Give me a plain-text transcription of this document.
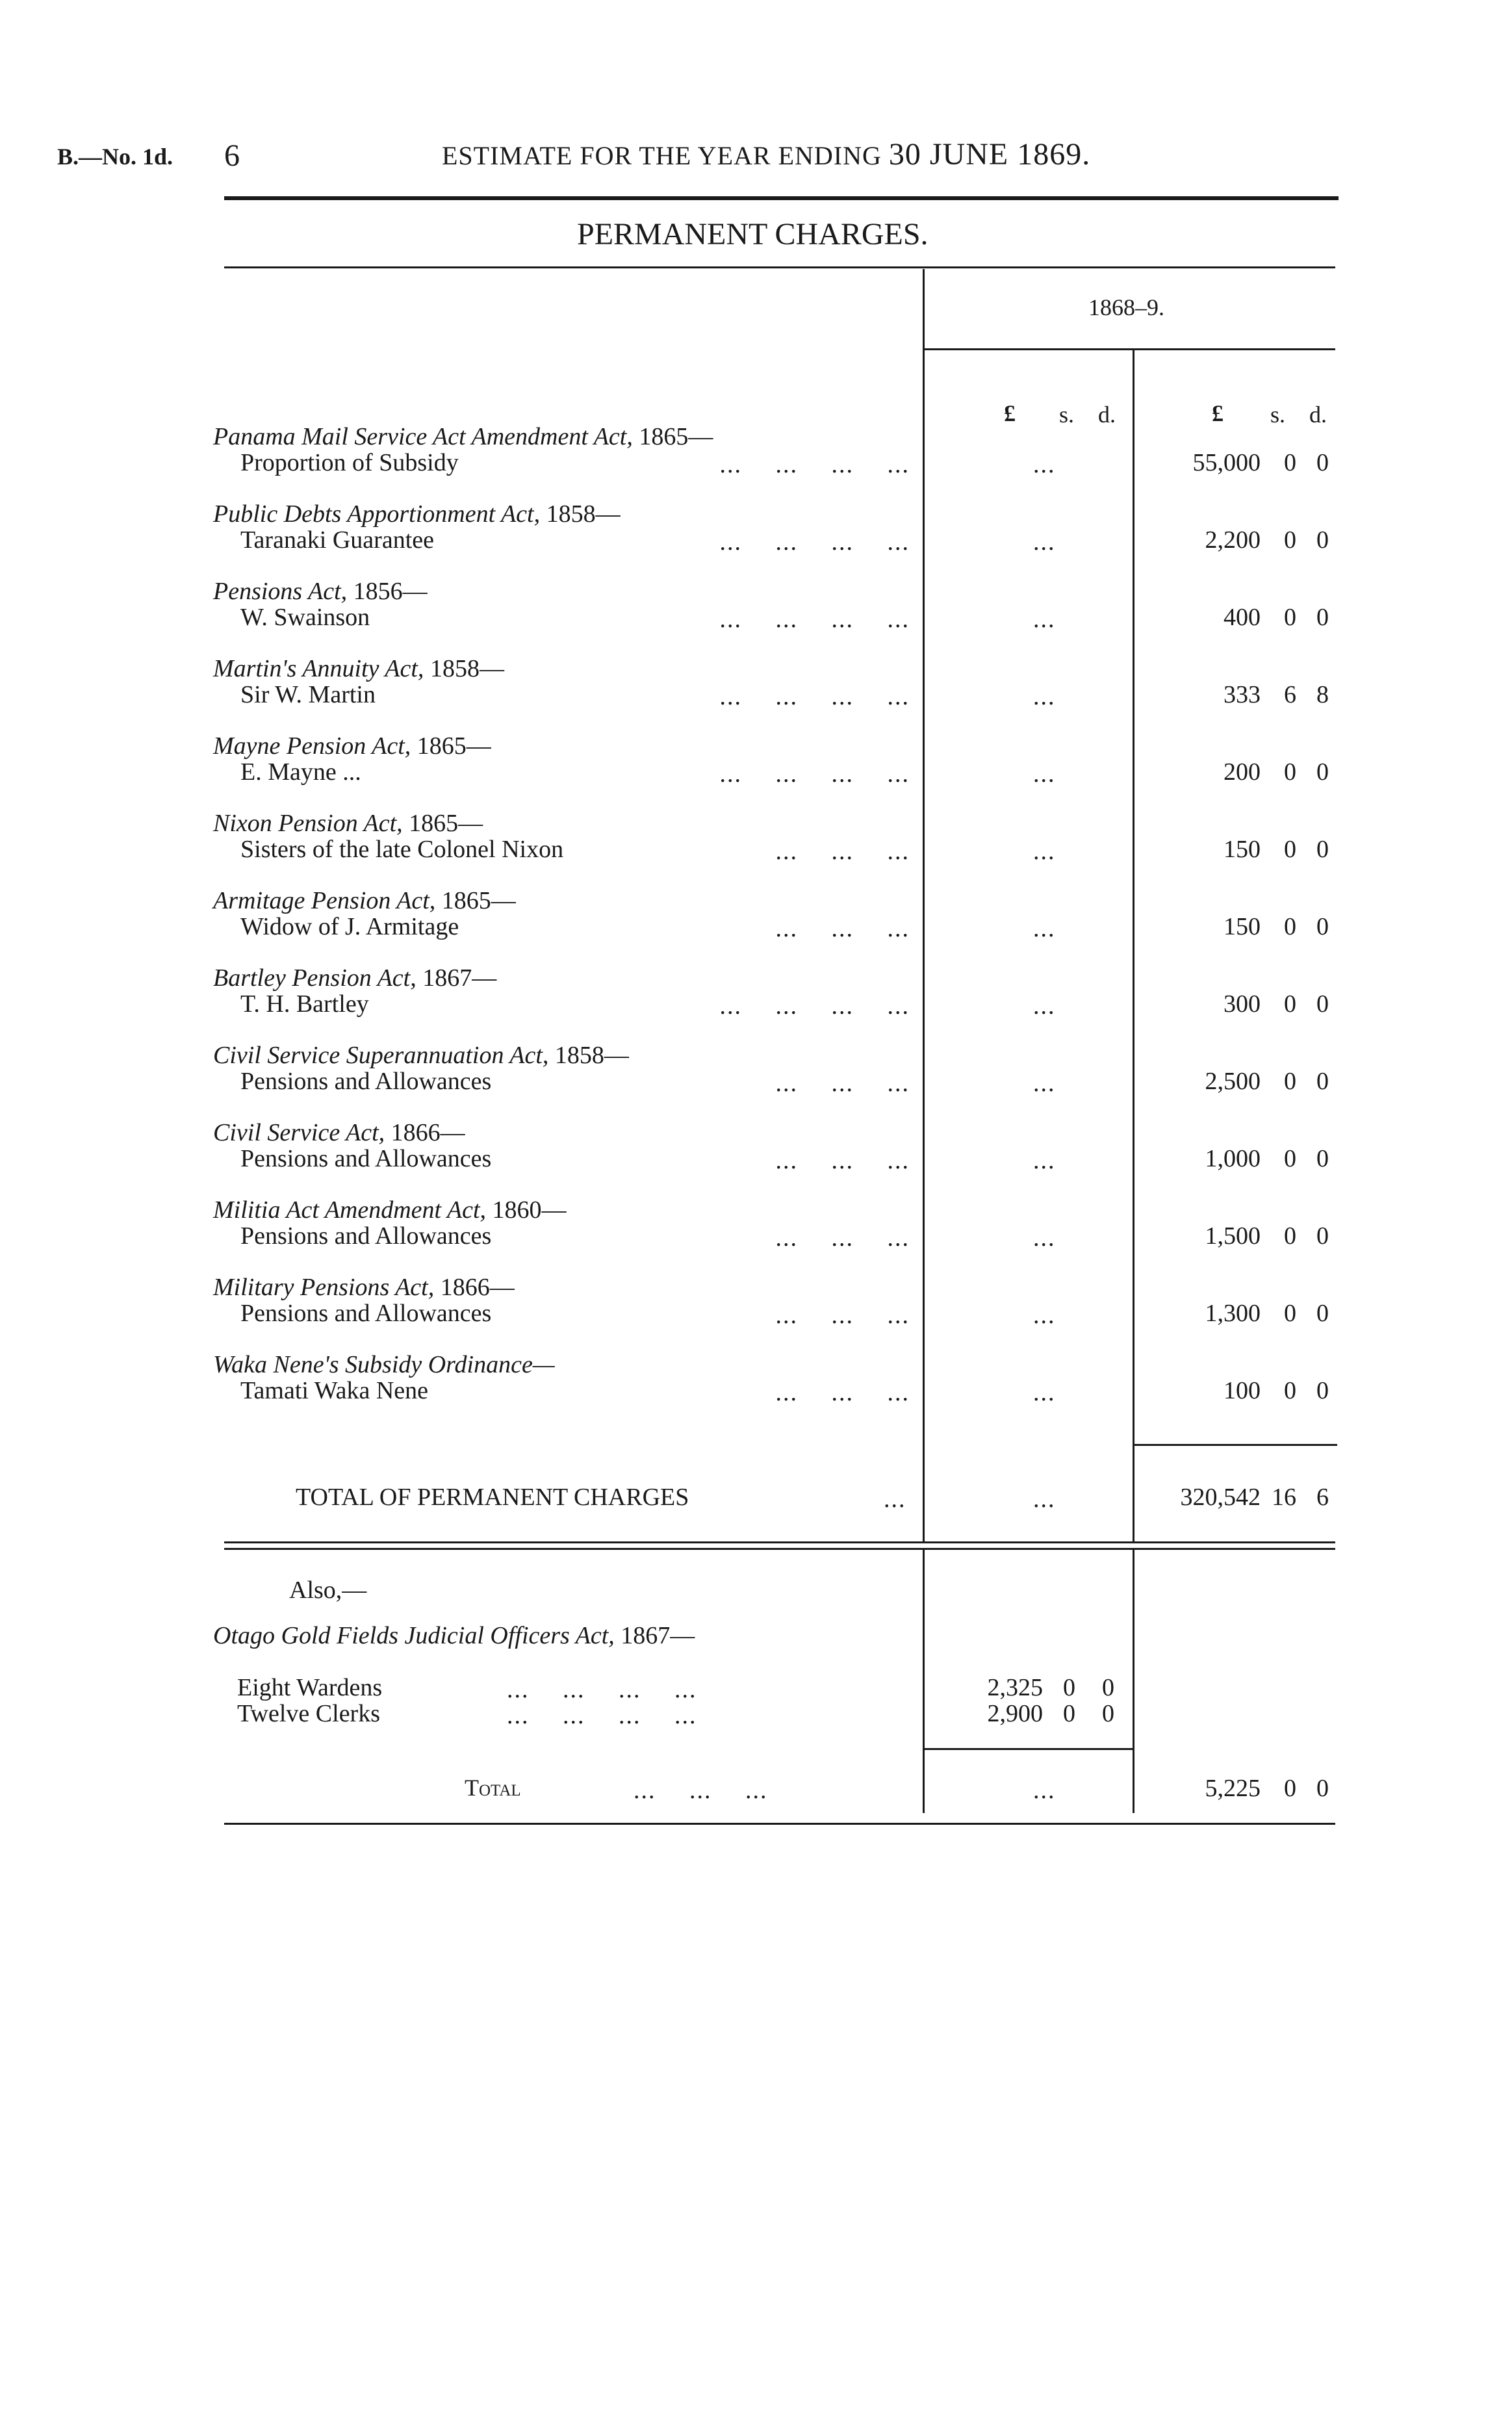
B.—No. 1d. 6	ESTIMATE FOR THE YEAR ENDING 30 JUNE 1869.
PERMANENT CHARGES.
1868–9.
£ s. d.	£ s. d.
Panama Mail Service Act Amendment Act, 1865—
Proportion of Subsidy	... ... ... ...	...	55,000 0 0
Public Debts Apportionment Act, 1858—
Taranaki Guarantee	... ... ... ...	...	2,200 0 0
Pensions Act, 1856—
W. Swainson	... ... ... ...	...	400 0 0
Martin's Annuity Act, 1858—
Sir W. Martin	... ... ... ...	...	333 6 8
Mayne Pension Act, 1865—
E. Mayne ...	... ... ... ...	...	200 0 0
Nixon Pension Act, 1865—
Sisters of the late Colonel Nixon	... ... ...	...	150 0 0
Armitage Pension Act, 1865—
Widow of J. Armitage	... ... ...	...	150 0 0
Bartley Pension Act, 1867—
T. H. Bartley	... ... ... ...	...	300 0 0
Civil Service Superannuation Act, 1858—
Pensions and Allowances	... ... ...	...	2,500 0 0
Civil Service Act, 1866—
Pensions and Allowances	... ... ...	...	1,000 0 0
Militia Act Amendment Act, 1860—
Pensions and Allowances	... ... ...	...	1,500 0 0
Military Pensions Act, 1866—
Pensions and Allowances	... ... ...	...	1,300 0 0
Waka Nene's Subsidy Ordinance—
Tamati Waka Nene	... ... ...	...	100 0 0
TOTAL OF PERMANENT CHARGES	...	...	320,542 16 6
Also,—
Otago Gold Fields Judicial Officers Act, 1867—
Eight Wardens	... ... ... ...	2,325 0	0
Twelve Clerks	... ... ... ...	2,900 0	0
Total	... ... ...	...	5,225 0 0
